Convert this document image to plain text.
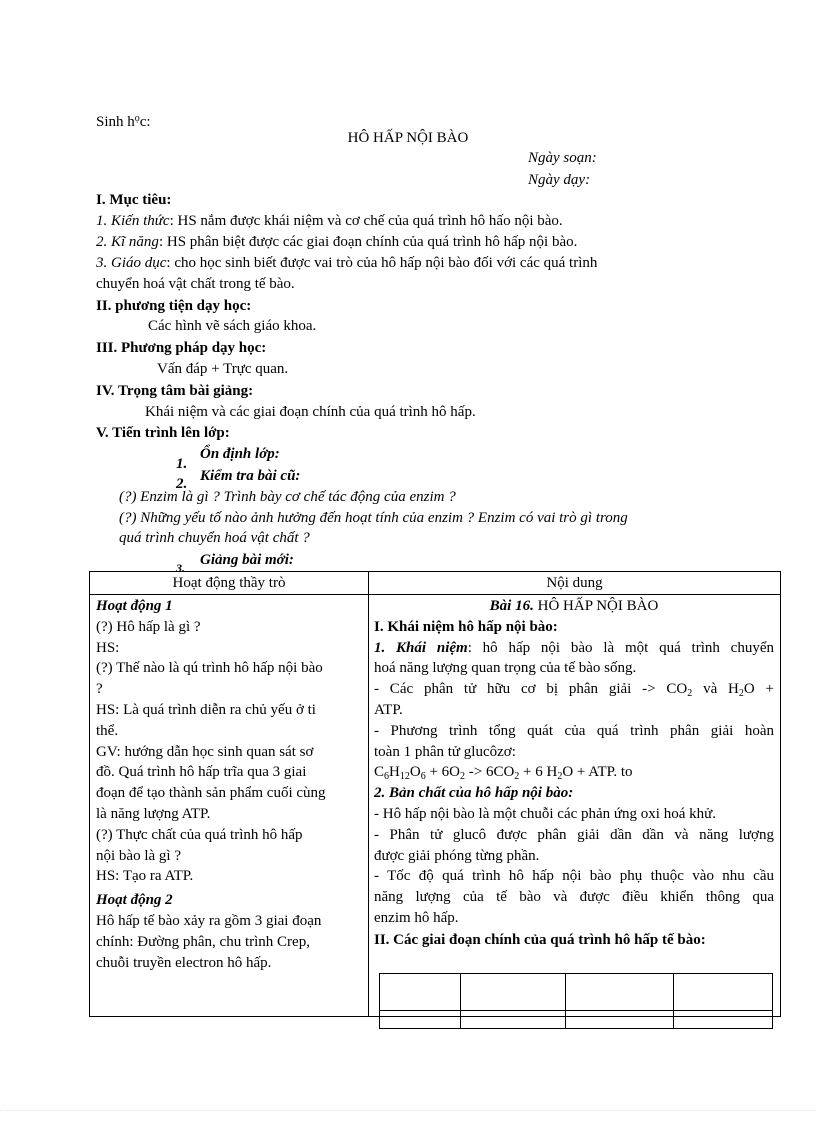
Sinh $h^ọc$:
HÔ HẤP NỘI BÀO
Ngày soạn:
Ngày dạy:
I. Mục tiêu:
1. Kiến thức: HS nắm được khái niệm và cơ chế của quá trình hô hấo nội bào.
2. Kĩ năng: HS phân biệt được các giai đoạn chính của quá trình hô hấp nội bào.
3. Giáo dục: cho học sinh biết được vai trò của hô hấp nội bào đối với các quá trình
chuyển hoá vật chất trong tế bào.
II. phương tiện dạy học:
Các hình vẽ sách giáo khoa.
III. Phương pháp dạy học:
Vấn đáp + Trực quan.
IV. Trọng tâm bài giảng:
Khái niệm và các giai đoạn chính của quá trình hô hấp.
V. Tiến trình lên lớp:
1.
Ổn định lớp:
2. Kiểm tra bài cũ:
(?) Enzim là gì ? Trình bày cơ chế tác động của enzim ?
(?) Những yếu tố nào ảnh hưởng đến hoạt tính của enzim ? Enzim có vai trò gì trong
quá trình chuyển hoá vật chất ?
3. Giảng bài mới:
Hoạt động thầy trò	Nội dung
Hoạt động 1
(?) Hô hấp là gì ?
HS:
(?) Thế nào là qú trình hô hấp nội bào
?
HS: Là quá trình diễn ra chủ yếu ở ti
thể.
GV: hướng dẫn học sinh quan sát sơ
đồ. Quá trình hô hấp trĩa qua 3 giai
đoạn để tạo thành sản phẩm cuối cùng
là năng lượng ATP.
(?) Thực chất của quá trình hô hấp
nội bào là gì ?
HS: Tạo ra ATP.
Hoạt động 2
Hô hấp tế bào xảy ra gồm 3 giai đoạn
chính: Đường phân, chu trình Crep,
chuỗi truyền electron hô hấp.
Bài 16. HÔ HẤP NỘI BÀO
I. Khái niệm hô hấp nội bào:
1. Khái niệm: hô hấp nội bào là một quá trình chuyển
hoá năng lượng quan trọng của tế bào sống.
- Các phân tử hữu cơ bị phân giải -> $CO_2$ và $H_2O$ +
ATP.
- Phương trình tổng quát của quá trình phân giải hoàn
toàn 1 phân tử glucôzơ:
$C_6H_{12}O_6 + 6O_2 -> 6CO_2 + 6$ $H_2O$ + ATP. to
2. Bản chất của hô hấp nội bào:
- Hô hấp nội bào là một chuỗi các phản ứng oxi hoá khử.
- Phân tử glucô được phân giải dần dần và năng lượng
được giải phóng từng phần.
- Tốc độ quá trình hô hấp nội bào phụ thuộc vào nhu cầu
năng lượng của tế bào và được điều khiển thông qua
enzim hô hấp.
II. Các giai đoạn chính của quá trình hô hấp tế bào:
